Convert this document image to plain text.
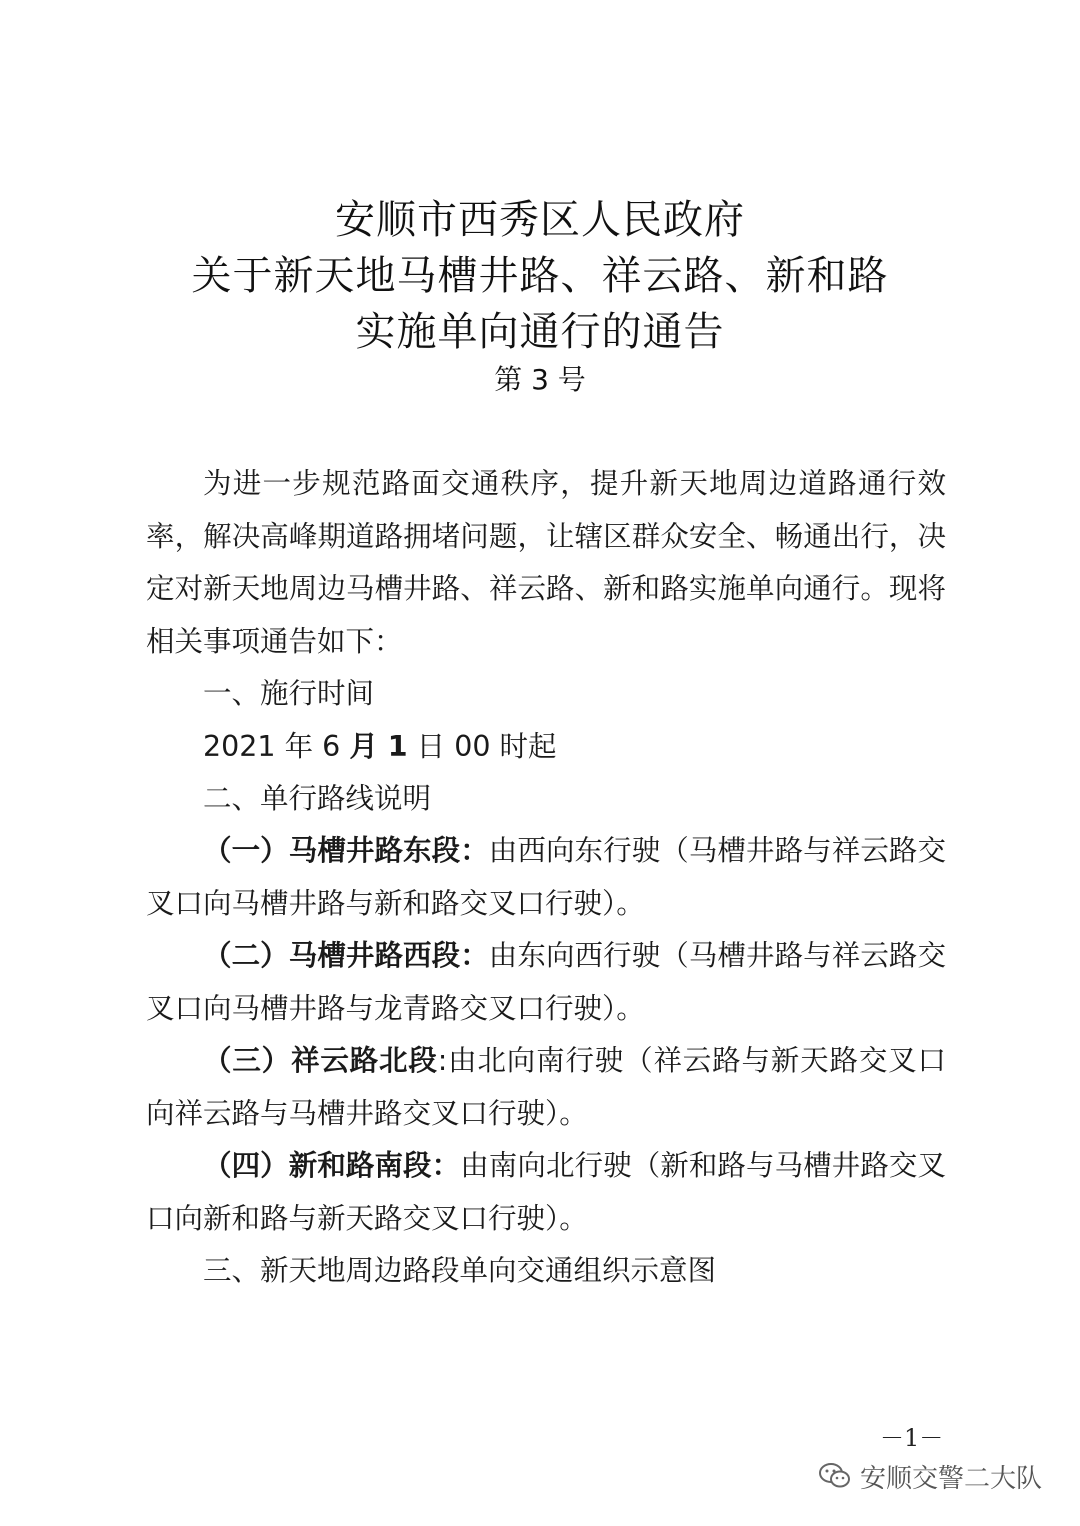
安顺市西秀区人民政府
关于新天地马槽井路、祥云路、新和路
实施单向通行的通告
第 3 号

为进一步规范路面交通秩序，提升新天地周边道路通行效率，解决高峰期道路拥堵问题，让辖区群众安全、畅通出行，决定对新天地周边马槽井路、祥云路、新和路实施单向通行。现将相关事项通告如下：

一、施行时间

2021 年 6 月 1 日 00 时起

二、单行路线说明

（一）马槽井路东段：由西向东行驶（马槽井路与祥云路交叉口向马槽井路与新和路交叉口行驶）。

（二）马槽井路西段：由东向西行驶（马槽井路与祥云路交叉口向马槽井路与龙青路交叉口行驶）。

（三）祥云路北段:由北向南行驶（祥云路与新天路交叉口向祥云路与马槽井路交叉口行驶）。

（四）新和路南段：由南向北行驶（新和路与马槽井路交叉口向新和路与新天路交叉口行驶）。

三、新天地周边路段单向交通组织示意图

－1－
安顺交警二大队
